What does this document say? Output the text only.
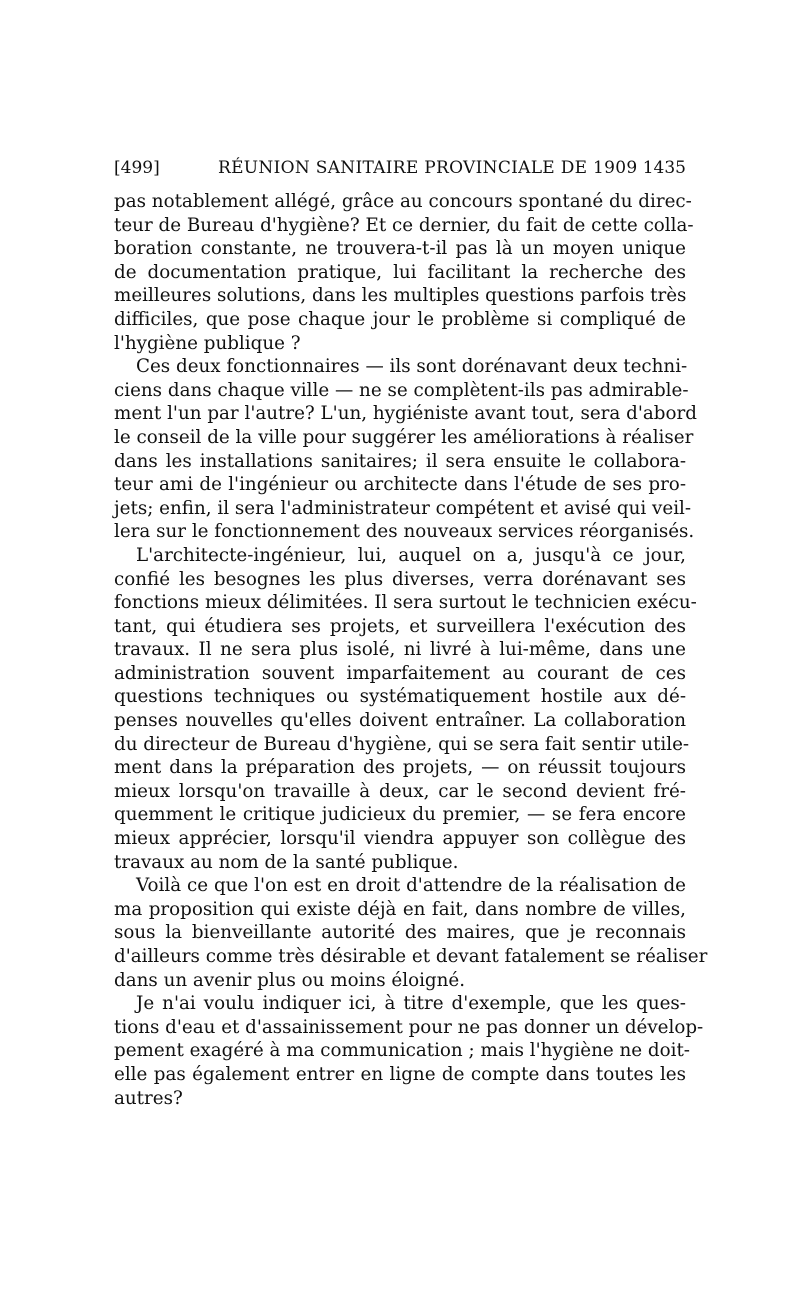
[499]	RÉUNION SANITAIRE PROVINCIALE DE 1909 1435
pas notablement allégé, grâce au concours spontané du direc-
teur de Bureau d'hygiène? Et ce dernier, du fait de cette colla-
boration constante, ne trouvera-t-il pas là un moyen unique
de documentation pratique, lui facilitant la recherche des
meilleures solutions, dans les multiples questions parfois très
difficiles, que pose chaque jour le problème si compliqué de
l'hygiène publique ?
Ces deux fonctionnaires — ils sont dorénavant deux techni-
ciens dans chaque ville — ne se complètent-ils pas admirable-
ment l'un par l'autre? L'un, hygiéniste avant tout, sera d'abord
le conseil de la ville pour suggérer les améliorations à réaliser
dans les installations sanitaires; il sera ensuite le collabora-
teur ami de l'ingénieur ou architecte dans l'étude de ses pro-
jets; enfin, il sera l'administrateur compétent et avisé qui veil-
lera sur le fonctionnement des nouveaux services réorganisés.
L'architecte-ingénieur, lui, auquel on a, jusqu'à ce jour,
confié les besognes les plus diverses, verra dorénavant ses
fonctions mieux délimitées. Il sera surtout le technicien exécu-
tant, qui étudiera ses projets, et surveillera l'exécution des
travaux. Il ne sera plus isolé, ni livré à lui-même, dans une
administration souvent imparfaitement au courant de ces
questions techniques ou systématiquement hostile aux dé-
penses nouvelles qu'elles doivent entraîner. La collaboration
du directeur de Bureau d'hygiène, qui se sera fait sentir utile-
ment dans la préparation des projets, — on réussit toujours
mieux lorsqu'on travaille à deux, car le second devient fré-
quemment le critique judicieux du premier, — se fera encore
mieux apprécier, lorsqu'il viendra appuyer son collègue des
travaux au nom de la santé publique.
Voilà ce que l'on est en droit d'attendre de la réalisation de
ma proposition qui existe déjà en fait, dans nombre de villes,
sous la bienveillante autorité des maires, que je reconnais
d'ailleurs comme très désirable et devant fatalement se réaliser
dans un avenir plus ou moins éloigné.
Je n'ai voulu indiquer ici, à titre d'exemple, que les ques-
tions d'eau et d'assainissement pour ne pas donner un dévelop-
pement exagéré à ma communication ; mais l'hygiène ne doit-
elle pas également entrer en ligne de compte dans toutes les
autres?
